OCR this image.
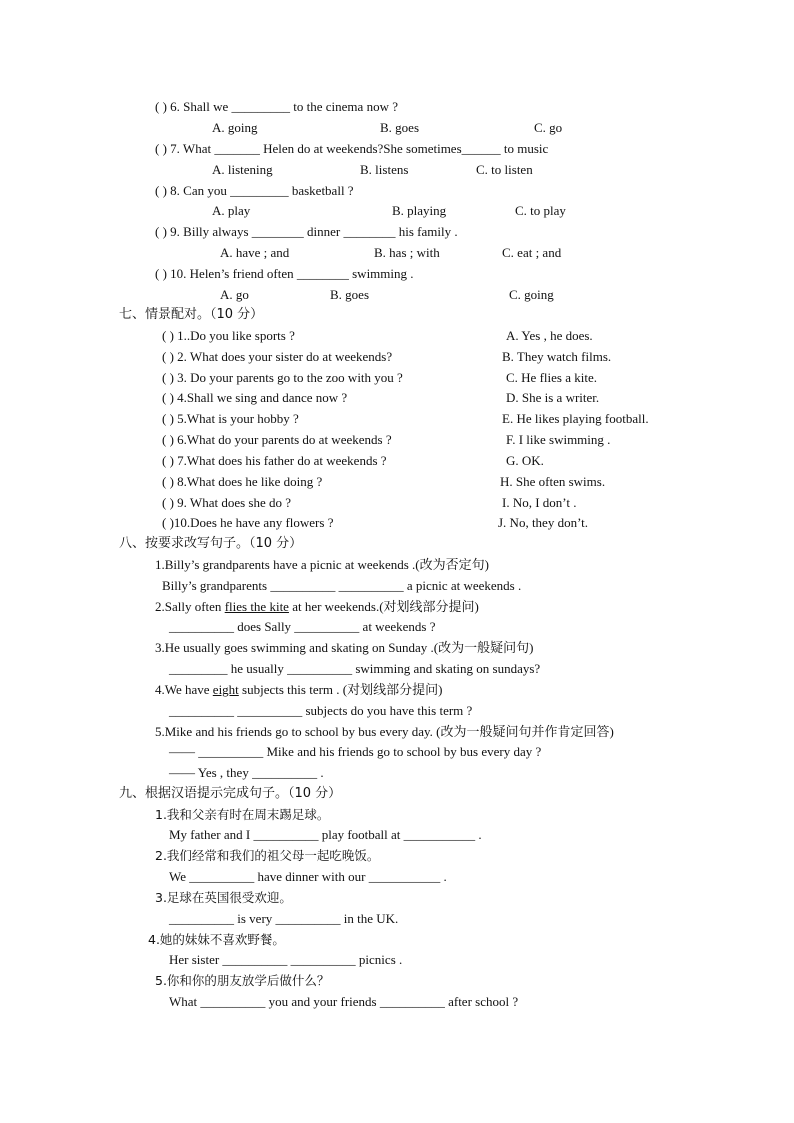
( ) 6. Shall we _________ to the cinema now ?
A. going	B. goes	C. go
( ) 7. What _______ Helen do at weekends?She sometimes______ to music
A. listening	B. listens	C. to listen
( ) 8. Can you _________ basketball ?
A. play	B. playing	C. to play
( ) 9. Billy always ________ dinner ________ his family .
A. have ; and	B. has ; with	C. eat ; and
( ) 10. Helen’s friend often ________ swimming .
A. go	B. goes	C. going
七、情景配对。（10 分）
( ) 1..Do you like sports ?	A. Yes , he does.
( ) 2. What does your sister do at weekends?	B. They watch films.
( ) 3. Do your parents go to the zoo with you ?	C. He flies a kite.
( ) 4.Shall we sing and dance now ?	D. She is a writer.
( ) 5.What is your hobby ?	E. He likes playing football.
( ) 6.What do your parents do at weekends ?	F. I like swimming .
( ) 7.What does his father do at weekends ?	G. OK.
( ) 8.What does he like doing ?	H. She often swims.
( ) 9. What does she do ?	I. No, I don’t .
( )10.Does he have any flowers ?	J. No, they don’t.
八、按要求改写句子。（10 分）
1.Billy’s grandparents have a picnic at weekends .(改为否定句)
Billy’s grandparents __________ __________ a picnic at weekends .
2.Sally often flies the kite at her weekends.(对划线部分提问)
__________ does Sally __________ at weekends ?
3.He usually goes swimming and skating on Sunday .(改为一般疑问句)
_________ he usually __________ swimming and skating on sundays?
4.We have eight subjects this term . (对划线部分提问)
__________ __________ subjects do you have this term ?
5.Mike and his friends go to school by bus every day. (改为一般疑问句并作肯定回答)
—— __________ Mike and his friends go to school by bus every day ?
—— Yes , they __________ .
九、根据汉语提示完成句子。（10 分）
1.我和父亲有时在周末踢足球。
My father and I __________ play football at ___________ .
2.我们经常和我们的祖父母一起吃晚饭。
We __________ have dinner with our ___________ .
3.足球在英国很受欢迎。
__________ is very __________ in the UK.
4.她的妹妹不喜欢野餐。
Her sister __________ __________ picnics .
5.你和你的朋友放学后做什么？
What __________ you and your friends __________ after school ?
